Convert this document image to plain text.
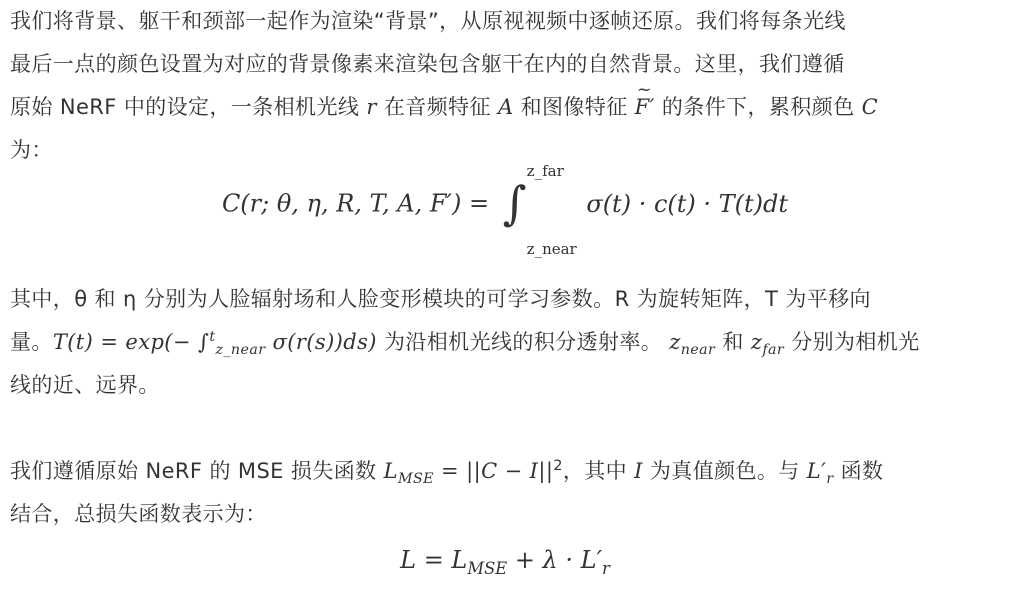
我们将背景、躯干和颈部一起作为渲染“背景”，从原视视频中逐帧还原。我们将每条光线
最后一点的颜色设置为对应的背景像素来渲染包含躯干在内的自然背景。这里，我们遵循
原始 NeRF 中的设定，一条相机光线 r 在音频特征 A 和图像特征 ~ F′ 的条件下，累积颜色 C
为：
C(r; θ, η, R, T, A, F′) = ∫
z_far
z_near
σ(t) · c(t) · T(t)dt
其中，θ 和 η 分别为人脸辐射场和人脸变形模块的可学习参数。R 为旋转矩阵，T 为平移向
量。T(t) = exp(− ∫$^t_{z\_near}$ σ(r(s))ds) 为沿相机光线的积分透射率。 $z_{near}$ 和 $z_{far}$ 分别为相机光
线的近、远界。
我们遵循原始 NeRF 的 MSE 损失函数 $L_{MSE} = ||C - I||^2$，其中 I 为真值颜色。与 $L'_r$ 函数
结合，总损失函数表示为：
$L = L_{MSE} + \lambda \cdot L'_r$
